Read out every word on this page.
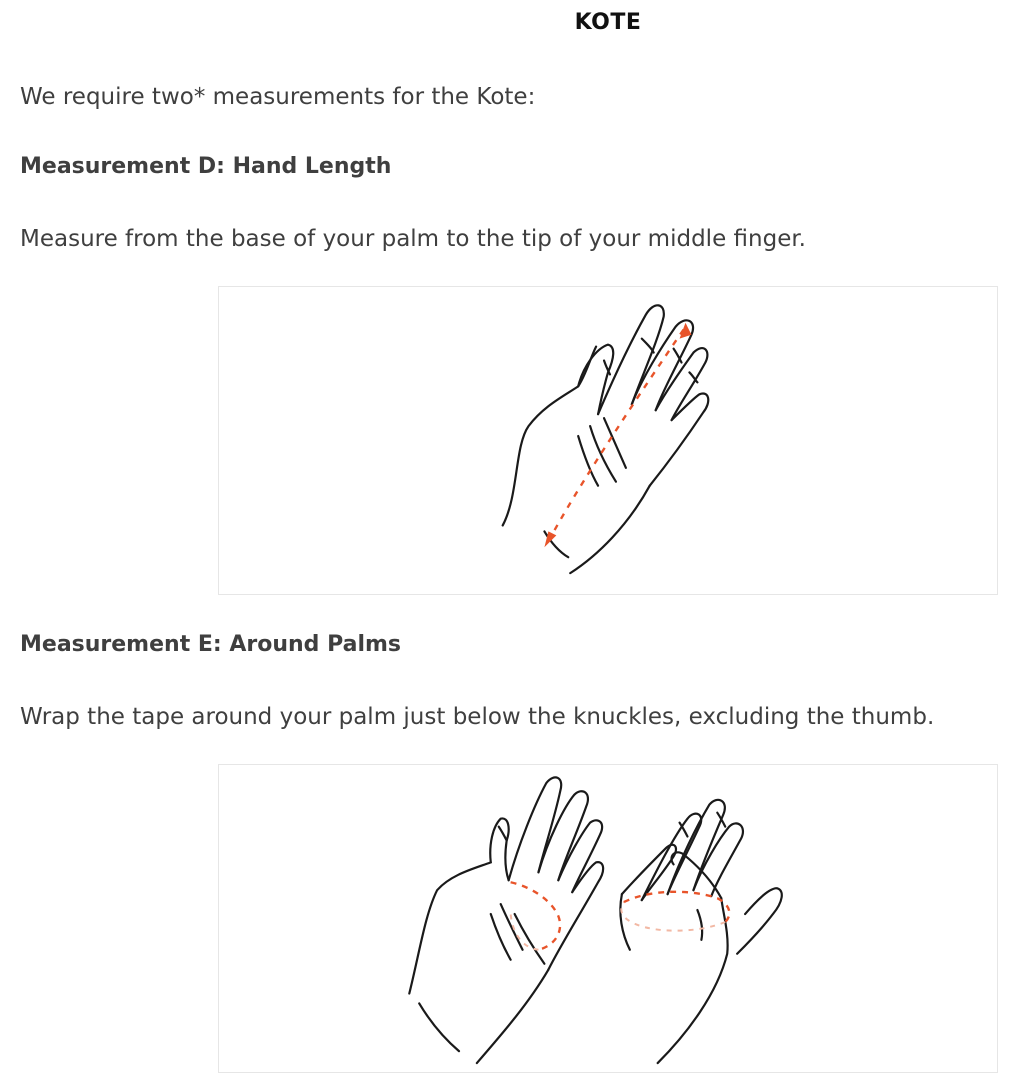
KOTE
We require two* measurements for the Kote:
Measurement D: Hand Length
Measure from the base of your palm to the tip of your middle finger.
Measurement E: Around Palms
Wrap the tape around your palm just below the knuckles, excluding the thumb.
